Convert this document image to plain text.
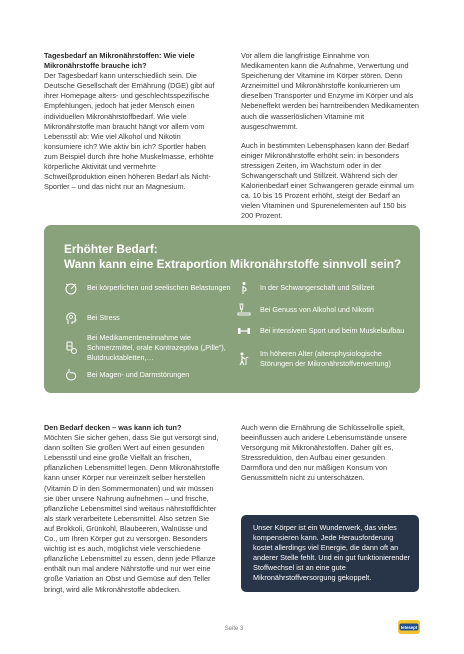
Tagesbedarf an Mikronährstoffen: Wie viele Mikronährstoffe brauche ich?
Der Tagesbedarf kann unterschiedlich sein. Die Deutsche Gesellschaft der Ernährung (DGE) gibt auf ihrer Homepage alters- und geschlechtsspezifische Empfehlungen, jedoch hat jeder Mensch einen individuellen Mikronährstoffbedarf. Wie viele Mikronährstoffe man braucht hängt vor allem vom Lebensstil ab: Wie viel Alkohol und Nikotin konsumiere ich? Wie aktiv bin ich? Sportler haben zum Beispiel durch ihre hohe Muskelmasse, erhöhte körperliche Aktivität und vermehrte Schweißproduktion einen höheren Bedarf als Nicht-Sportler – und das nicht nur an Magnesium.

Vor allem die langfristige Einnahme von Medikamenten kann die Aufnahme, Verwertung und Speicherung der Vitamine im Körper stören. Denn Arzneimittel und Mikronährstoffe konkurrieren um dieselben Transporter und Enzyme im Körper und als Nebeneffekt werden bei harntreibenden Medikamenten auch die wasserlöslichen Vitamine mit ausgeschwemmt.

Auch in bestimmten Lebensphasen kann der Bedarf einiger Mikronährstoffe erhöht sein: in besonders stressigen Zeiten, im Wachstum oder in der Schwangerschaft und Stillzeit. Während sich der Kalorienbedarf einer Schwangeren gerade einmal um ca. 10 bis 15 Prozent erhöht, steigt der Bedarf an vielen Vitaminen und Spurenelementen auf 150 bis 200 Prozent.

Erhöhter Bedarf:
Wann kann eine Extraportion Mikronährstoffe sinnvoll sein?
Bei körperlichen und seelischen Belastungen
Bei Stress
Bei Medikamenteneinnahme wie Schmerzmittel, orale Kontrazeptiva („Pille"), Blutdrucktabletten,…
Bei Magen- und Darmstörungen
In der Schwangerschaft und Stillzeit
Bei Genuss von Alkohol und Nikotin
Bei intensivem Sport und beim Muskelaufbau
Im höheren Alter (altersphysiologische Störungen der Mikronährstoffverwertung)

Den Bedarf decken – was kann ich tun?
Möchten Sie sicher gehen, dass Sie gut versorgt sind, dann sollten Sie großen Wert auf einen gesunden Lebensstil und eine große Vielfalt an frischen, pflanzlichen Lebensmittel legen. Denn Mikronährstoffe kann unser Körper nur vereinzelt selber herstellen (Vitamin D in den Sommermonaten) und wir müssen sie über unsere Nahrung aufnehmen – und frische, pflanzliche Lebensmittel sind weitaus nährstoffdichter als stark verarbeitete Lebensmittel. Also setzen Sie auf Brokkoli, Grünkohl, Blaubeeren, Walnüsse und Co., um Ihren Körper gut zu versorgen. Besonders wichtig ist es auch, möglichst viele verschiedene pflanzliche Lebensmittel zu essen, denn jede Pflanze enthält nun mal andere Nährstoffe und nur wer eine große Variation an Obst und Gemüse auf den Teller bringt, wird alle Mikronährstoffe abdecken.

Auch wenn die Ernährung die Schlüsselrolle spielt, beeinflussen auch andere Lebensumstände unsere Versorgung mit Mikronährstoffen. Daher gilt es, Stressreduktion, den Aufbau einer gesunden Darmflora und den nur mäßigen Konsum von Genussmitteln nicht zu unterschätzen.

Unser Körper ist ein Wunderwerk, das vieles kompensieren kann. Jede Herausforderung kostet allerdings viel Energie, die dann oft an anderer Stelle fehlt. Und ein gut funktionierender Stoffwechsel ist an eine gute Mikronährstoffversorgung gekoppelt.
Seite 3	tetesept
